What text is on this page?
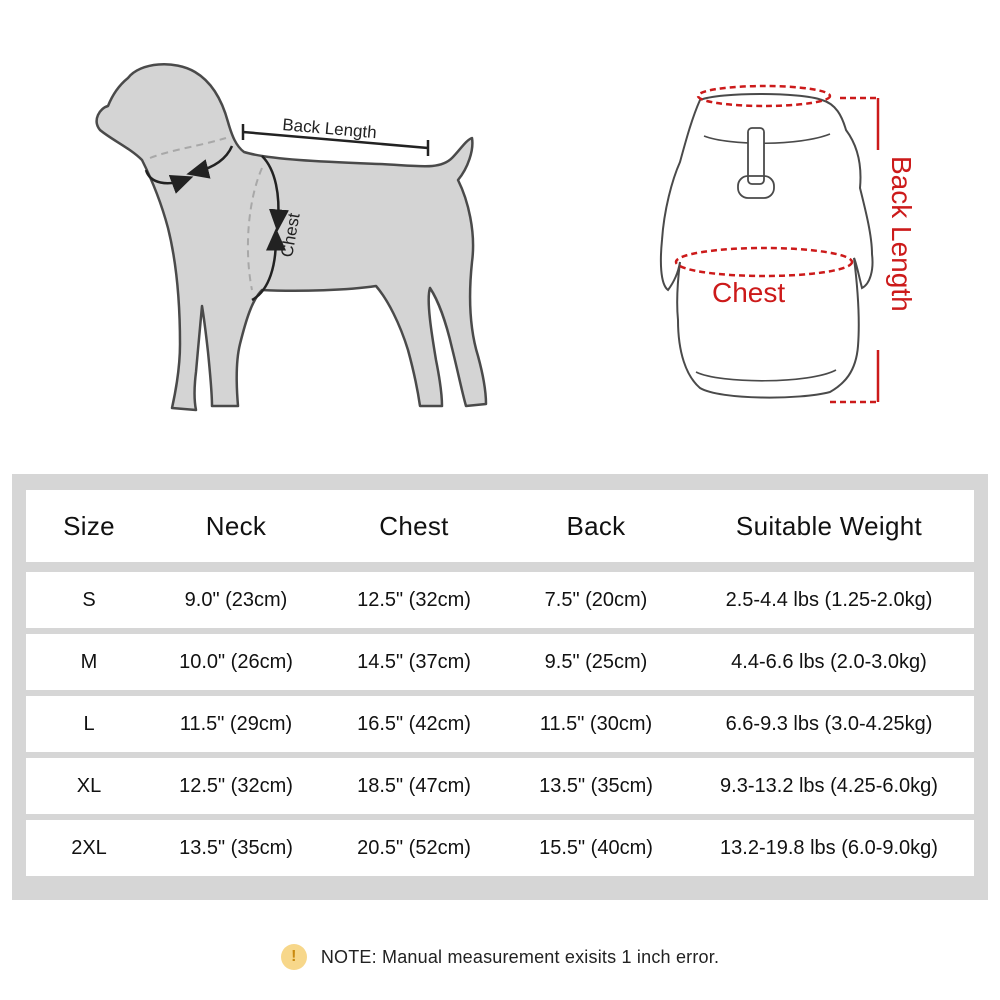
Back Length
Chest
Chest	Back Length
Size	Neck	Chest	Back	Suitable Weight
S	9.0" (23cm)	12.5" (32cm)	7.5" (20cm)	2.5-4.4 lbs (1.25-2.0kg)
M	10.0" (26cm)	14.5" (37cm)	9.5" (25cm)	4.4-6.6 lbs (2.0-3.0kg)
L	11.5" (29cm)	16.5" (42cm)	11.5" (30cm)	6.6-9.3 lbs (3.0-4.25kg)
XL	12.5" (32cm)	18.5" (47cm)	13.5" (35cm)	9.3-13.2 lbs (4.25-6.0kg)
2XL	13.5" (35cm)	20.5" (52cm)	15.5" (40cm)	13.2-19.8 lbs (6.0-9.0kg)
!	NOTE: Manual measurement exisits 1 inch error.
